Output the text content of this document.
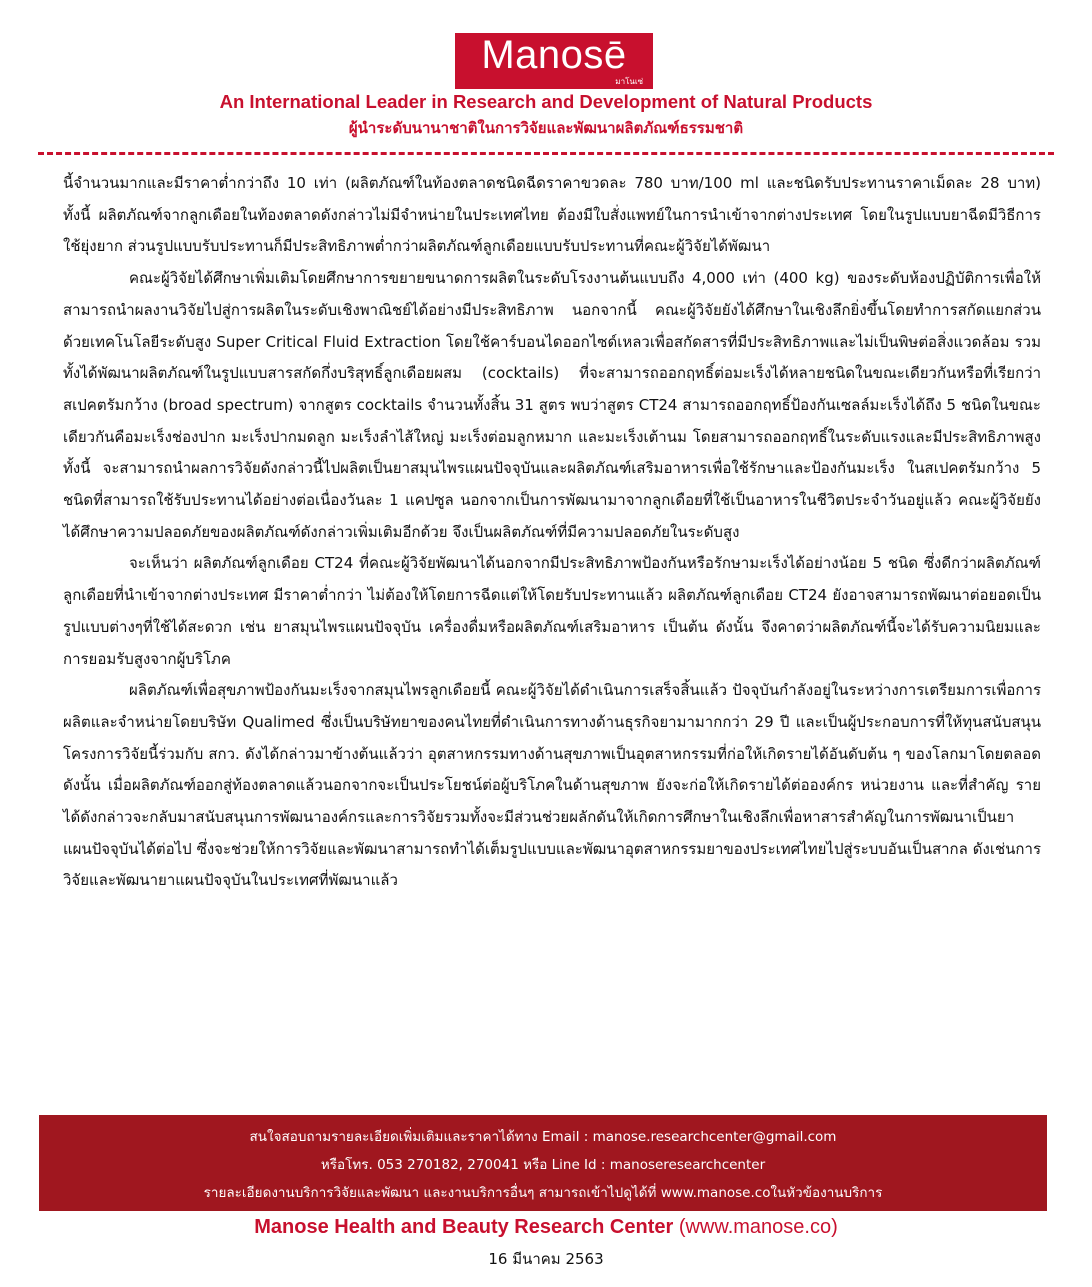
Manosē
มาโนเซ่
An International Leader in Research and Development of Natural Products
ผู้นำระดับนานาชาติในการวิจัยและพัฒนาผลิตภัณฑ์ธรรมชาติ

นี้จำนวนมากและมีราคาต่ำกว่าถึง 10 เท่า (ผลิตภัณฑ์ในท้องตลาดชนิดฉีดราคาขวดละ 780 บาท/100 ml และชนิดรับประทานราคาเม็ดละ 28 บาท) ทั้งนี้ ผลิตภัณฑ์จากลูกเดือยในท้องตลาดดังกล่าวไม่มีจำหน่ายในประเทศไทย ต้องมีใบสั่งแพทย์ในการนำเข้าจากต่างประเทศ โดยในรูปแบบยาฉีดมีวิธีการใช้ยุ่งยาก ส่วนรูปแบบรับประทานก็มีประสิทธิภาพต่ำกว่าผลิตภัณฑ์ลูกเดือยแบบรับประทานที่คณะผู้วิจัยได้พัฒนา

คณะผู้วิจัยได้ศึกษาเพิ่มเติมโดยศึกษาการขยายขนาดการผลิตในระดับโรงงานต้นแบบถึง 4,000 เท่า (400 kg) ของระดับห้องปฏิบัติการเพื่อให้สามารถนำผลงานวิจัยไปสู่การผลิตในระดับเชิงพาณิชย์ได้อย่างมีประสิทธิภาพ นอกจากนี้ คณะผู้วิจัยยังได้ศึกษาในเชิงลึกยิ่งขึ้นโดยทำการสกัดแยกส่วนด้วยเทคโนโลยีระดับสูง Super Critical Fluid Extraction โดยใช้คาร์บอนไดออกไซด์เหลวเพื่อสกัดสารที่มีประสิทธิภาพและไม่เป็นพิษต่อสิ่งแวดล้อม รวมทั้งได้พัฒนาผลิตภัณฑ์ในรูปแบบสารสกัดกึ่งบริสุทธิ์ลูกเดือยผสม (cocktails) ที่จะสามารถออกฤทธิ์ต่อมะเร็งได้หลายชนิดในขณะเดียวกันหรือที่เรียกว่าสเปคตรัมกว้าง (broad spectrum) จากสูตร cocktails จำนวนทั้งสิ้น 31 สูตร พบว่าสูตร CT24 สามารถออกฤทธิ์ป้องกันเซลล์มะเร็งได้ถึง 5 ชนิดในขณะเดียวกันคือมะเร็งช่องปาก มะเร็งปากมดลูก มะเร็งลำไส้ใหญ่ มะเร็งต่อมลูกหมาก และมะเร็งเต้านม โดยสามารถออกฤทธิ์ในระดับแรงและมีประสิทธิภาพสูง ทั้งนี้ จะสามารถนำผลการวิจัยดังกล่าวนี้ไปผลิตเป็นยาสมุนไพรแผนปัจจุบันและผลิตภัณฑ์เสริมอาหารเพื่อใช้รักษาและป้องกันมะเร็ง ในสเปคตรัมกว้าง 5 ชนิดที่สามารถใช้รับประทานได้อย่างต่อเนื่องวันละ 1 แคปซูล นอกจากเป็นการพัฒนามาจากลูกเดือยที่ใช้เป็นอาหารในชีวิตประจำวันอยู่แล้ว คณะผู้วิจัยยังได้ศึกษาความปลอดภัยของผลิตภัณฑ์ดังกล่าวเพิ่มเติมอีกด้วย จึงเป็นผลิตภัณฑ์ที่มีความปลอดภัยในระดับสูง

จะเห็นว่า ผลิตภัณฑ์ลูกเดือย CT24 ที่คณะผู้วิจัยพัฒนาได้นอกจากมีประสิทธิภาพป้องกันหรือรักษามะเร็งได้อย่างน้อย 5 ชนิด ซึ่งดีกว่าผลิตภัณฑ์ลูกเดือยที่นำเข้าจากต่างประเทศ มีราคาต่ำกว่า ไม่ต้องให้โดยการฉีดแต่ให้โดยรับประทานแล้ว ผลิตภัณฑ์ลูกเดือย CT24 ยังอาจสามารถพัฒนาต่อยอดเป็นรูปแบบต่างๆที่ใช้ได้สะดวก เช่น ยาสมุนไพรแผนปัจจุบัน เครื่องดื่มหรือผลิตภัณฑ์เสริมอาหาร เป็นต้น ดังนั้น จึงคาดว่าผลิตภัณฑ์นี้จะได้รับความนิยมและการยอมรับสูงจากผู้บริโภค

ผลิตภัณฑ์เพื่อสุขภาพป้องกันมะเร็งจากสมุนไพรลูกเดือยนี้ คณะผู้วิจัยได้ดำเนินการเสร็จสิ้นแล้ว ปัจจุบันกำลังอยู่ในระหว่างการเตรียมการเพื่อการผลิตและจำหน่ายโดยบริษัท Qualimed ซึ่งเป็นบริษัทยาของคนไทยที่ดำเนินการทางด้านธุรกิจยามามากกว่า 29 ปี และเป็นผู้ประกอบการที่ให้ทุนสนับสนุนโครงการวิจัยนี้ร่วมกับ สกว. ดังได้กล่าวมาข้างต้นแล้วว่า อุตสาหกรรมทางด้านสุขภาพเป็นอุตสาหกรรมที่ก่อให้เกิดรายได้อันดับต้น ๆ ของโลกมาโดยตลอด ดังนั้น เมื่อผลิตภัณฑ์ออกสู่ท้องตลาดแล้วนอกจากจะเป็นประโยชน์ต่อผู้บริโภคในด้านสุขภาพ ยังจะก่อให้เกิดรายได้ต่อองค์กร หน่วยงาน และที่สำคัญ รายได้ดังกล่าวจะกลับมาสนับสนุนการพัฒนาองค์กรและการวิจัยรวมทั้งจะมีส่วนช่วยผลักดันให้เกิดการศึกษาในเชิงลึกเพื่อหาสารสำคัญในการพัฒนาเป็นยาแผนปัจจุบันได้ต่อไป ซึ่งจะช่วยให้การวิจัยและพัฒนาสามารถทำได้เต็มรูปแบบและพัฒนาอุตสาหกรรมยาของประเทศไทยไปสู่ระบบอันเป็นสากล ดังเช่นการวิจัยและพัฒนายาแผนปัจจุบันในประเทศที่พัฒนาแล้ว

สนใจสอบถามรายละเอียดเพิ่มเติมและราคาได้ทาง Email : manose.researchcenter@gmail.com
หรือโทร. 053 270182, 270041 หรือ Line Id : manoseresearchcenter
รายละเอียดงานบริการวิจัยและพัฒนา และงานบริการอื่นๆ สามารถเข้าไปดูได้ที่ www.manose.coในหัวข้องานบริการ
Manose Health and Beauty Research Center (www.manose.co)
16 มีนาคม 2563
